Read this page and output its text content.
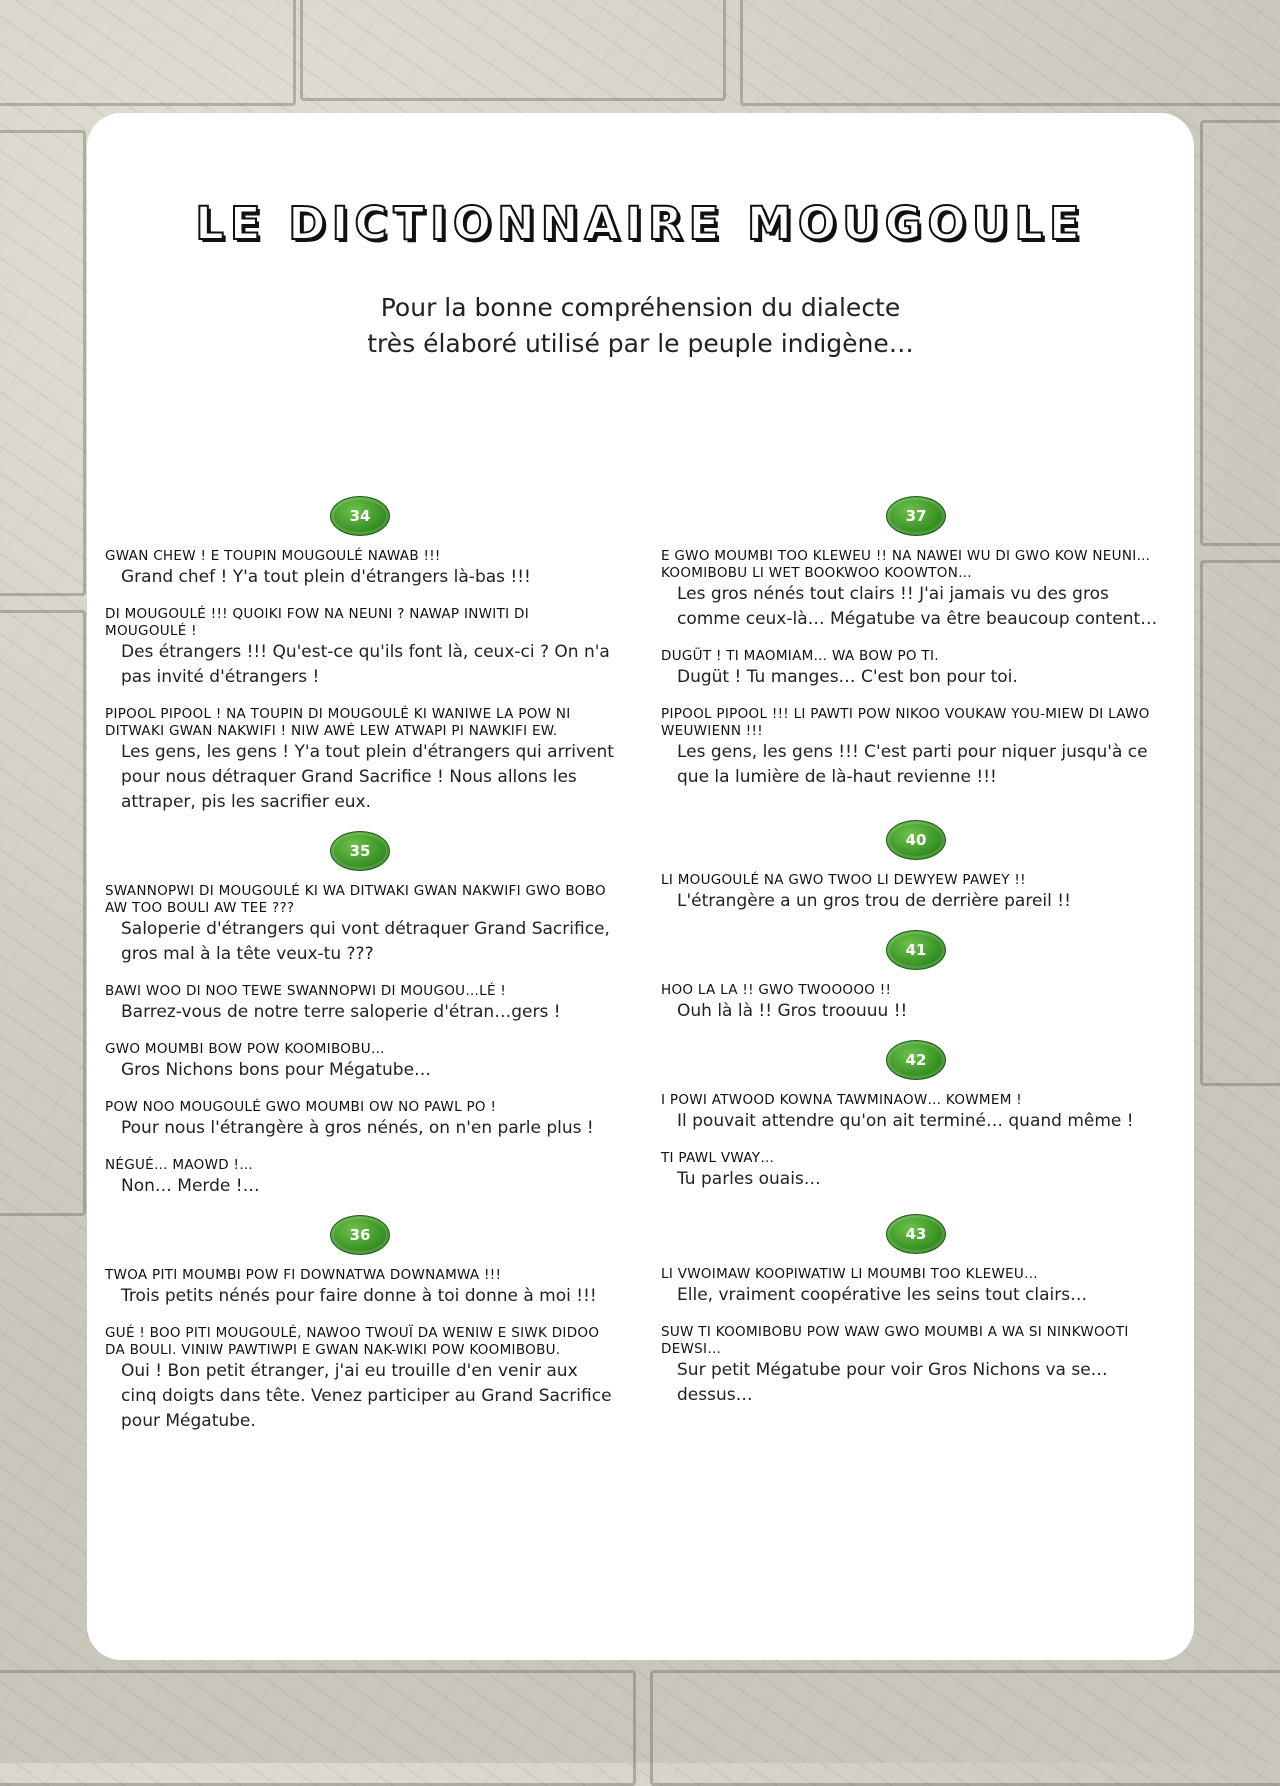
LE DICTIONNAIRE MOUGOULE
Pour la bonne compréhension du dialecte
très élaboré utilisé par le peuple indigène…
34
GWAN CHEW ! E TOUPIN MOUGOULÉ NAWAB !!!
Grand chef ! Y'a tout plein d'étrangers là-bas !!!
DI MOUGOULÉ !!! QUOIKI FOW NA NEUNI ? NAWAP INWITI DI MOUGOULÉ !
Des étrangers !!! Qu'est-ce qu'ils font là, ceux-ci ? On n'a pas invité d'étrangers !
PIPOOL PIPOOL ! NA TOUPIN DI MOUGOULÉ KI WANIWE LA POW NI DITWAKI GWAN NAKWIFI ! NIW AWÉ LEW ATWAPI PI NAWKIFI EW.
Les gens, les gens ! Y'a tout plein d'étrangers qui arrivent pour nous détraquer Grand Sacrifice ! Nous allons les attraper, pis les sacrifier eux.
35
SWANNOPWI DI MOUGOULÉ KI WA DITWAKI GWAN NAKWIFI GWO BOBO AW TOO BOULI AW TEE ???
Saloperie d'étrangers qui vont détraquer Grand Sacrifice, gros mal à la tête veux-tu ???
BAWI WOO DI NOO TEWE SWANNOPWI DI MOUGOU…LÉ !
Barrez-vous de notre terre saloperie d'étran…gers !
GWO MOUMBI BOW POW KOOMIBOBU…
Gros Nichons bons pour Mégatube…
POW NOO MOUGOULÉ GWO MOUMBI OW NO PAWL PO !
Pour nous l'étrangère à gros nénés, on n'en parle plus !
NÉGUÉ… MAOWD !…
Non… Merde !…
36
TWOA PITI MOUMBI POW FI DOWNATWA DOWNAMWA !!!
Trois petits nénés pour faire donne à toi donne à moi !!!
GUÉ ! BOO PITI MOUGOULÉ, NAWOO TWOUÏ DA WENIW E SIWK DIDOO DA BOULI. VINIW PAWTIWPI E GWAN NAK-WIKI POW KOOMIBOBU.
Oui ! Bon petit étranger, j'ai eu trouille d'en venir aux cinq doigts dans tête. Venez participer au Grand Sacrifice pour Mégatube.
37
E GWO MOUMBI TOO KLEWEU !! NA NAWEI WU DI GWO KOW NEUNI… KOOMIBOBU LI WET BOOKWOO KOOWTON…
Les gros nénés tout clairs !! J'ai jamais vu des gros comme ceux-là… Mégatube va être beaucoup content…
DUGÜT ! TI MAOMIAM… WA BOW PO TI.
Dugüt ! Tu manges… C'est bon pour toi.
PIPOOL PIPOOL !!! LI PAWTI POW NIKOO VOUKAW YOU-MIEW DI LAWO WEUWIENN !!!
Les gens, les gens !!! C'est parti pour niquer jusqu'à ce que la lumière de là-haut revienne !!!
40
LI MOUGOULÉ NA GWO TWOO LI DEWYEW PAWEY !!
L'étrangère a un gros trou de derrière pareil !!
41
HOO LA LA !! GWO TWOOOOO !!
Ouh là là !! Gros troouuu !!
42
I POWI ATWOOD KOWNA TAWMINAOW… KOWMEM !
Il pouvait attendre qu'on ait terminé… quand même !
TI PAWL VWAY…
Tu parles ouais…
43
LI VWOIMAW KOOPIWATIW LI MOUMBI TOO KLEWEU…
Elle, vraiment coopérative les seins tout clairs…
SUW TI KOOMIBOBU POW WAW GWO MOUMBI A WA SI NINKWOOTI DEWSI…
Sur petit Mégatube pour voir Gros Nichons va se… dessus…
